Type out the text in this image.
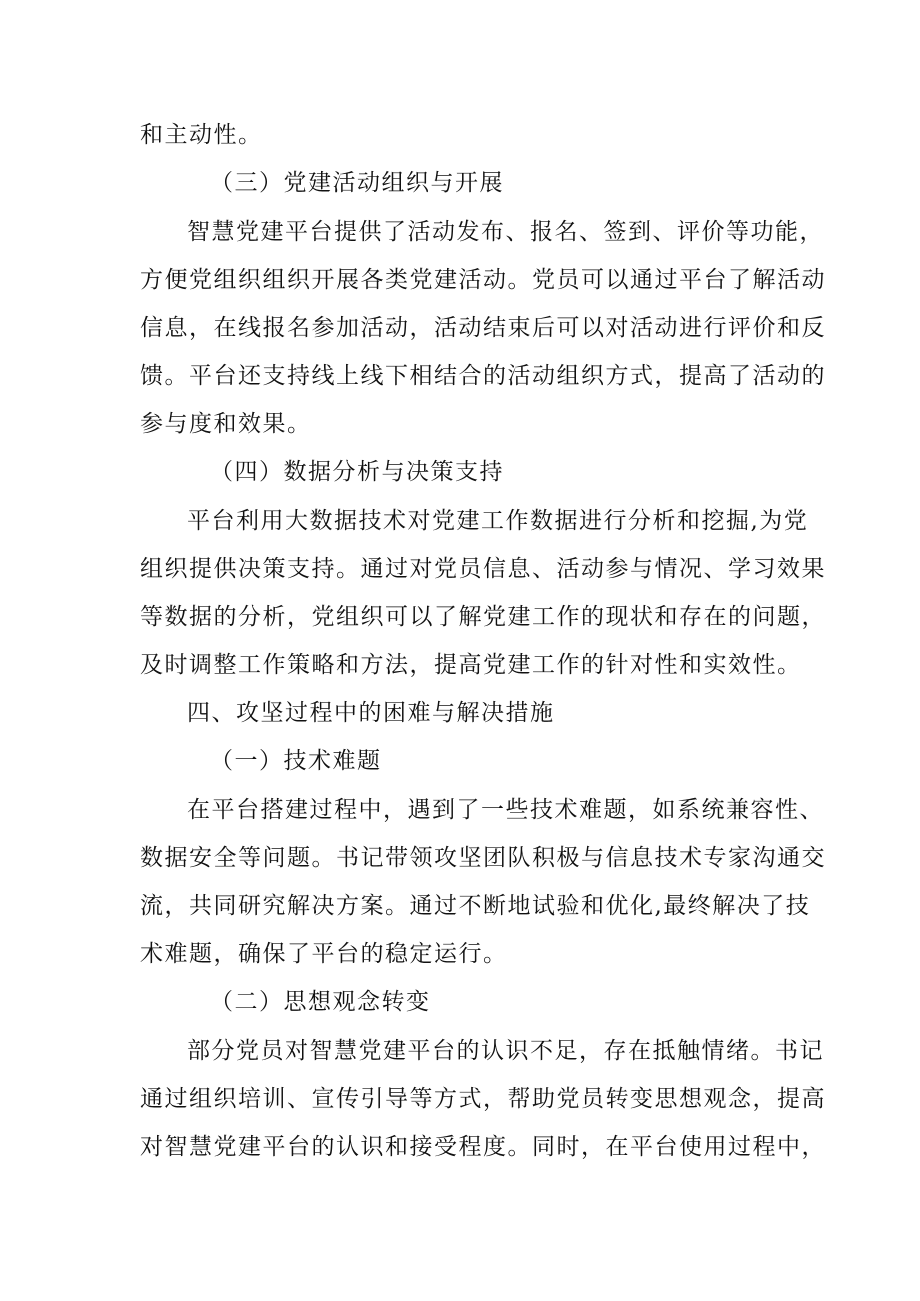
和主动性。
（三）党建活动组织与开展
智慧党建平台提供了活动发布、报名、签到、评价等功能，
方便党组织组织开展各类党建活动。党员可以通过平台了解活动
信息，在线报名参加活动，活动结束后可以对活动进行评价和反
馈。平台还支持线上线下相结合的活动组织方式，提高了活动的
参与度和效果。
（四）数据分析与决策支持
平台利用大数据技术对党建工作数据进行分析和挖掘,为党
组织提供决策支持。通过对党员信息、活动参与情况、学习效果
等数据的分析，党组织可以了解党建工作的现状和存在的问题，
及时调整工作策略和方法，提高党建工作的针对性和实效性。
四、攻坚过程中的困难与解决措施
（一）技术难题
在平台搭建过程中，遇到了一些技术难题，如系统兼容性、
数据安全等问题。书记带领攻坚团队积极与信息技术专家沟通交
流，共同研究解决方案。通过不断地试验和优化,最终解决了技
术难题，确保了平台的稳定运行。
（二）思想观念转变
部分党员对智慧党建平台的认识不足，存在抵触情绪。书记
通过组织培训、宣传引导等方式，帮助党员转变思想观念，提高
对智慧党建平台的认识和接受程度。同时，在平台使用过程中，
